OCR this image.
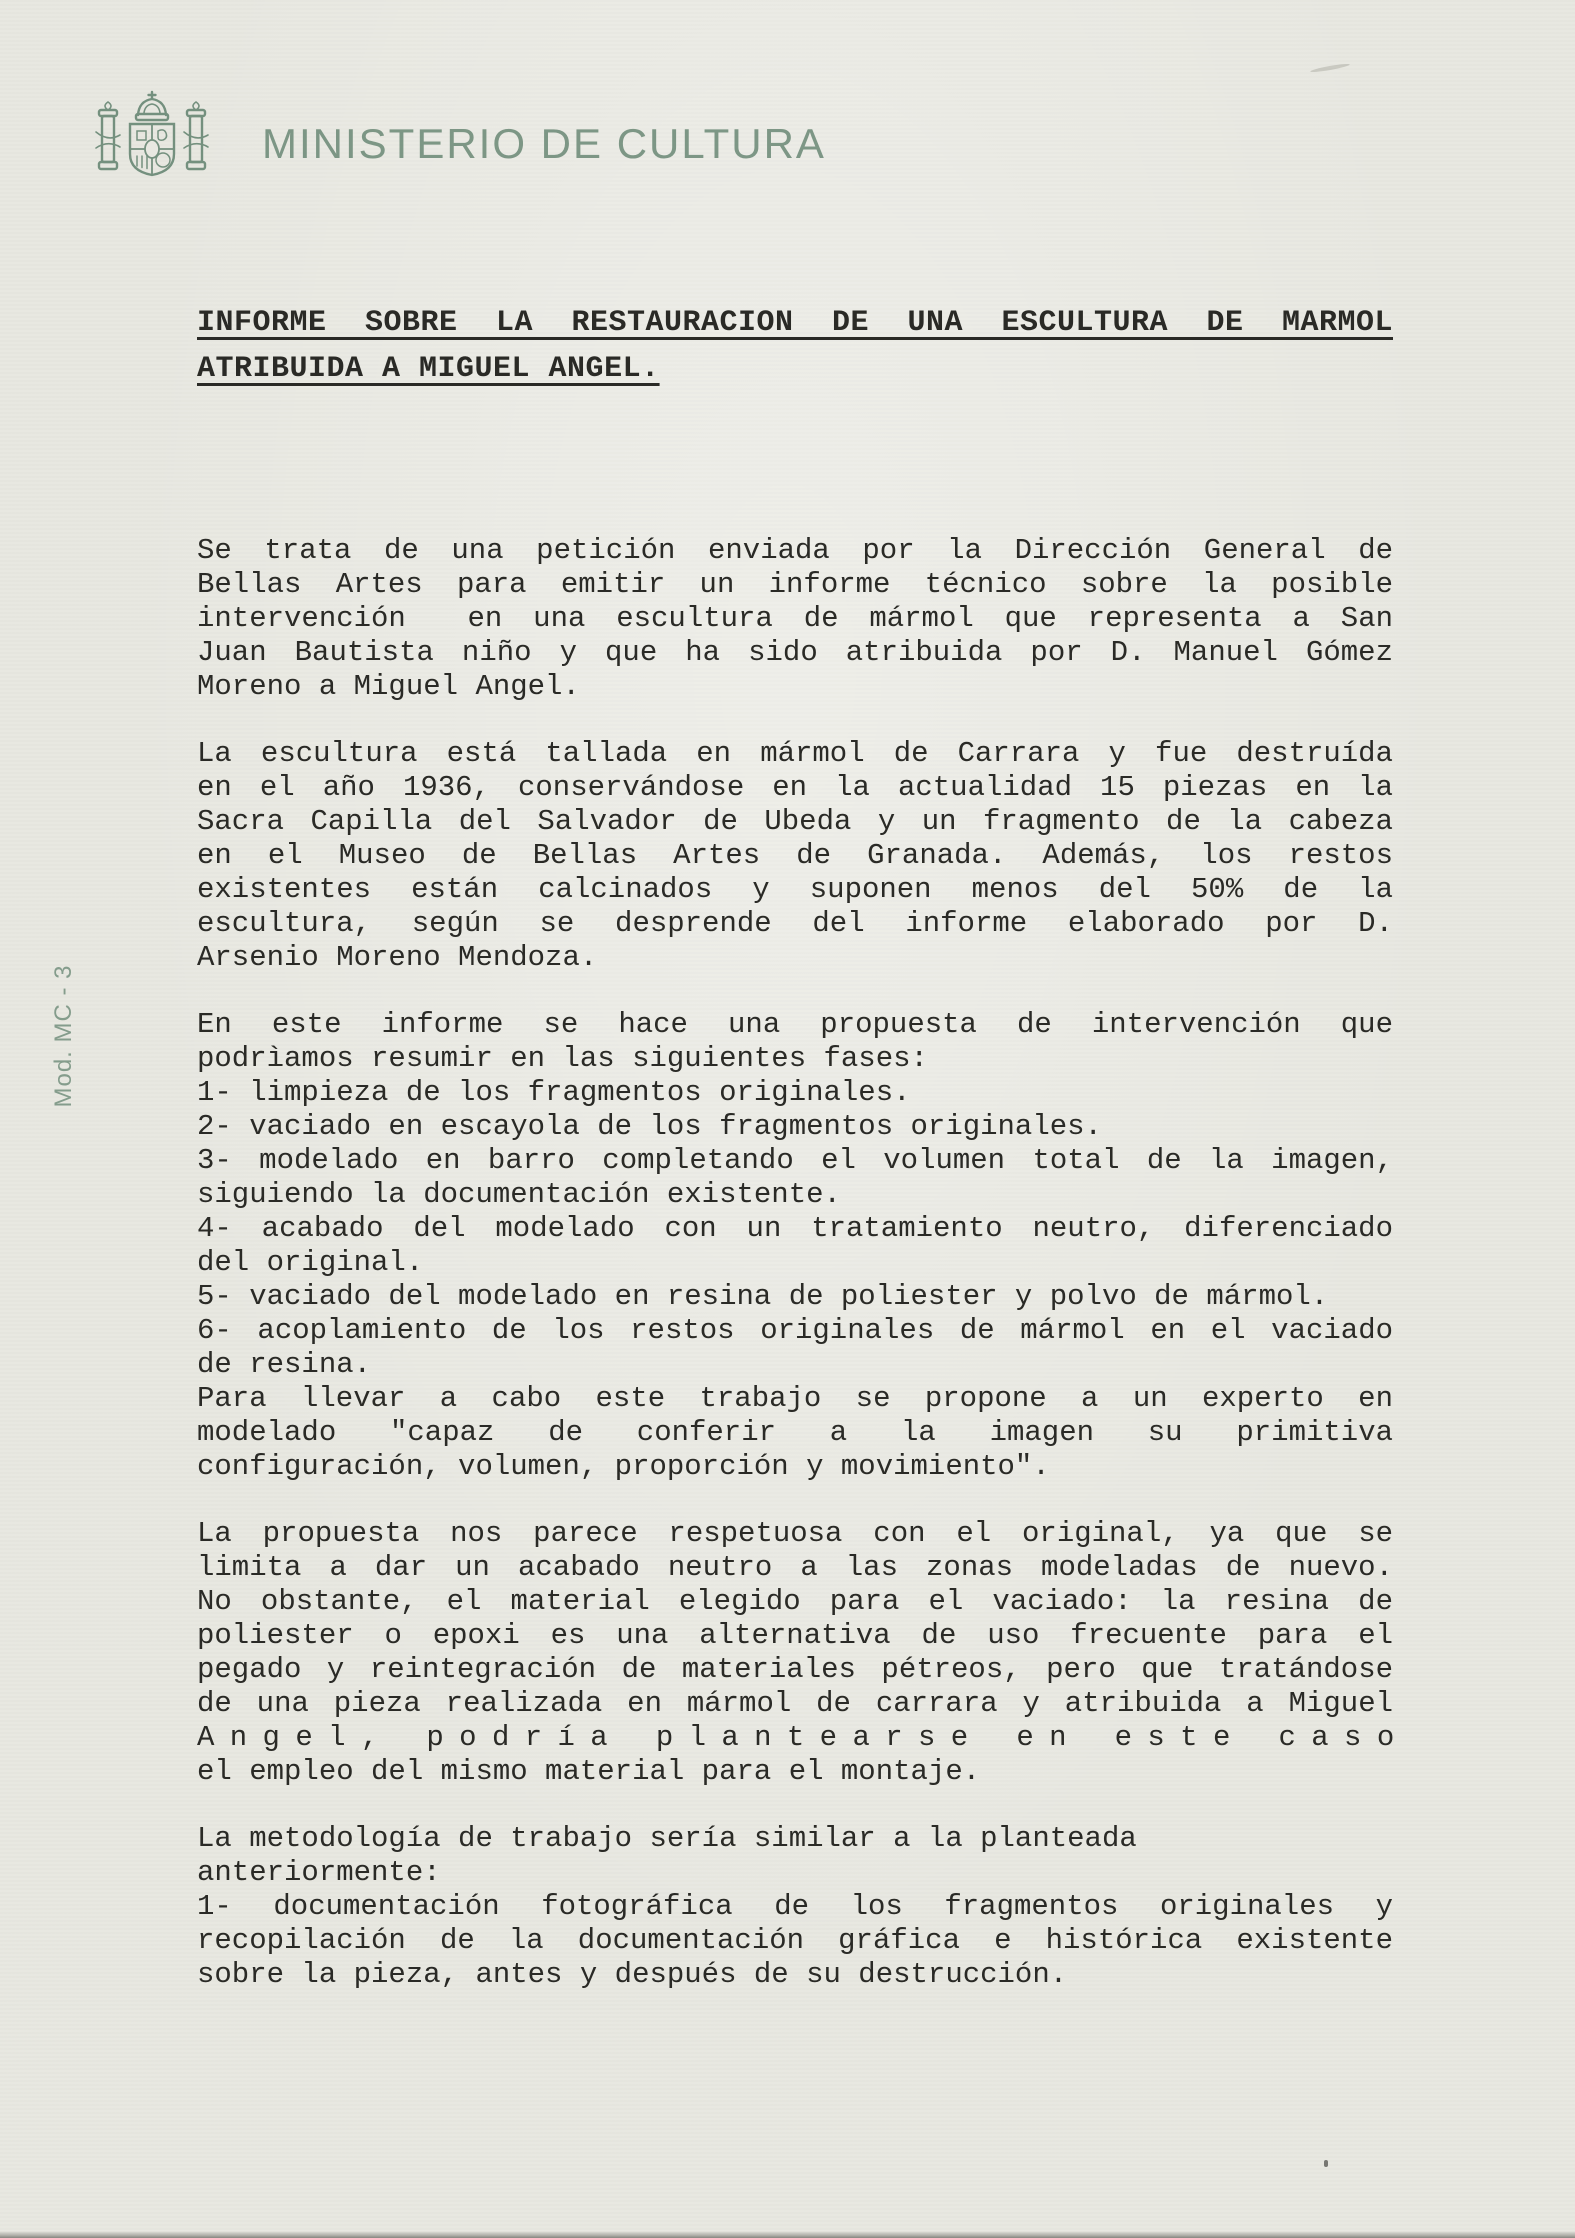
MINISTERIO DE CULTURA
Mod. MC - 3
INFORME SOBRE LA RESTAURACION DE UNA ESCULTURA DE MARMOL
ATRIBUIDA A MIGUEL ANGEL.
Se trata de una petición enviada por la Dirección General de
Bellas Artes para emitir un informe técnico sobre la posible
intervención  en una escultura de mármol que representa a San
Juan Bautista niño y que ha sido atribuida por D. Manuel Gómez
Moreno a Miguel Angel.
La escultura está tallada en mármol de Carrara y fue destruída
en el año 1936, conservándose en la actualidad 15 piezas en la
Sacra Capilla del Salvador de Ubeda y un fragmento de la cabeza
en el Museo de Bellas Artes de Granada. Además, los restos
existentes están calcinados y suponen menos del 50% de la
escultura, según se desprende del informe elaborado por D.
Arsenio Moreno Mendoza.
En este informe se hace una propuesta de intervención que
podrìamos resumir en las siguientes fases:
1- limpieza de los fragmentos originales.
2- vaciado en escayola de los fragmentos originales.
3- modelado en barro completando el volumen total de la imagen,
siguiendo la documentación existente.
4- acabado del modelado con un tratamiento neutro, diferenciado
del original.
5- vaciado del modelado en resina de poliester y polvo de mármol.
6- acoplamiento de los restos originales de mármol en el vaciado
de resina.
Para llevar a cabo este trabajo se propone a un experto en
modelado "capaz de conferir a la imagen su primitiva
configuración, volumen, proporción y movimiento".
La propuesta nos parece respetuosa con el original, ya que se
limita a dar un acabado neutro a las zonas modeladas de nuevo.
No obstante, el material elegido para el vaciado: la resina de
poliester o epoxi es una alternativa de uso frecuente para el
pegado y reintegración de materiales pétreos, pero que tratándose
de una pieza realizada en mármol de carrara y atribuida a Miguel
Angel, podría plantearse en este caso
el empleo del mismo material para el montaje.
La metodología de trabajo sería similar a la planteada
anteriormente:
1- documentación fotográfica de los fragmentos originales y
recopilación de la documentación gráfica e histórica existente
sobre la pieza, antes y después de su destrucción.
